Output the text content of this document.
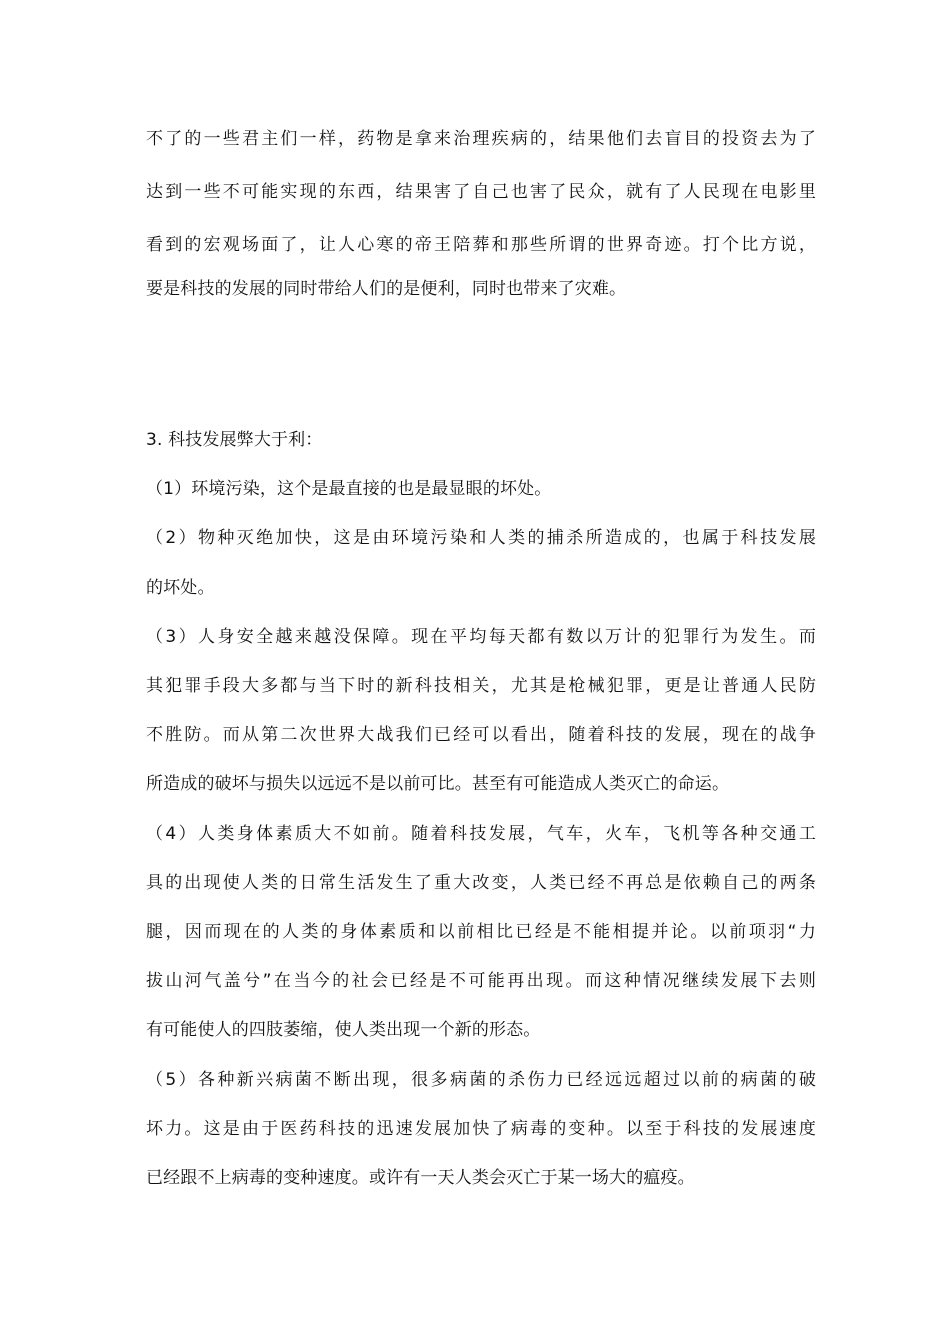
不了的一些君主们一样，药物是拿来治理疾病的，结果他们去盲目的投资去为了
达到一些不可能实现的东西，结果害了自己也害了民众，就有了人民现在电影里
看到的宏观场面了，让人心寒的帝王陪葬和那些所谓的世界奇迹。打个比方说，
要是科技的发展的同时带给人们的是便利，同时也带来了灾难。
3. 科技发展弊大于利：
（1）环境污染，这个是最直接的也是最显眼的坏处。
（2）物种灭绝加快，这是由环境污染和人类的捕杀所造成的，也属于科技发展
的坏处。
（3）人身安全越来越没保障。现在平均每天都有数以万计的犯罪行为发生。而
其犯罪手段大多都与当下时的新科技相关，尤其是枪械犯罪，更是让普通人民防
不胜防。而从第二次世界大战我们已经可以看出，随着科技的发展，现在的战争
所造成的破坏与损失以远远不是以前可比。甚至有可能造成人类灭亡的命运。
（4）人类身体素质大不如前。随着科技发展，气车，火车，飞机等各种交通工
具的出现使人类的日常生活发生了重大改变，人类已经不再总是依赖自己的两条
腿，因而现在的人类的身体素质和以前相比已经是不能相提并论。以前项羽“力
拔山河气盖兮”在当今的社会已经是不可能再出现。而这种情况继续发展下去则
有可能使人的四肢萎缩，使人类出现一个新的形态。
（5）各种新兴病菌不断出现，很多病菌的杀伤力已经远远超过以前的病菌的破
坏力。这是由于医药科技的迅速发展加快了病毒的变种。以至于科技的发展速度
已经跟不上病毒的变种速度。或许有一天人类会灭亡于某一场大的瘟疫。
